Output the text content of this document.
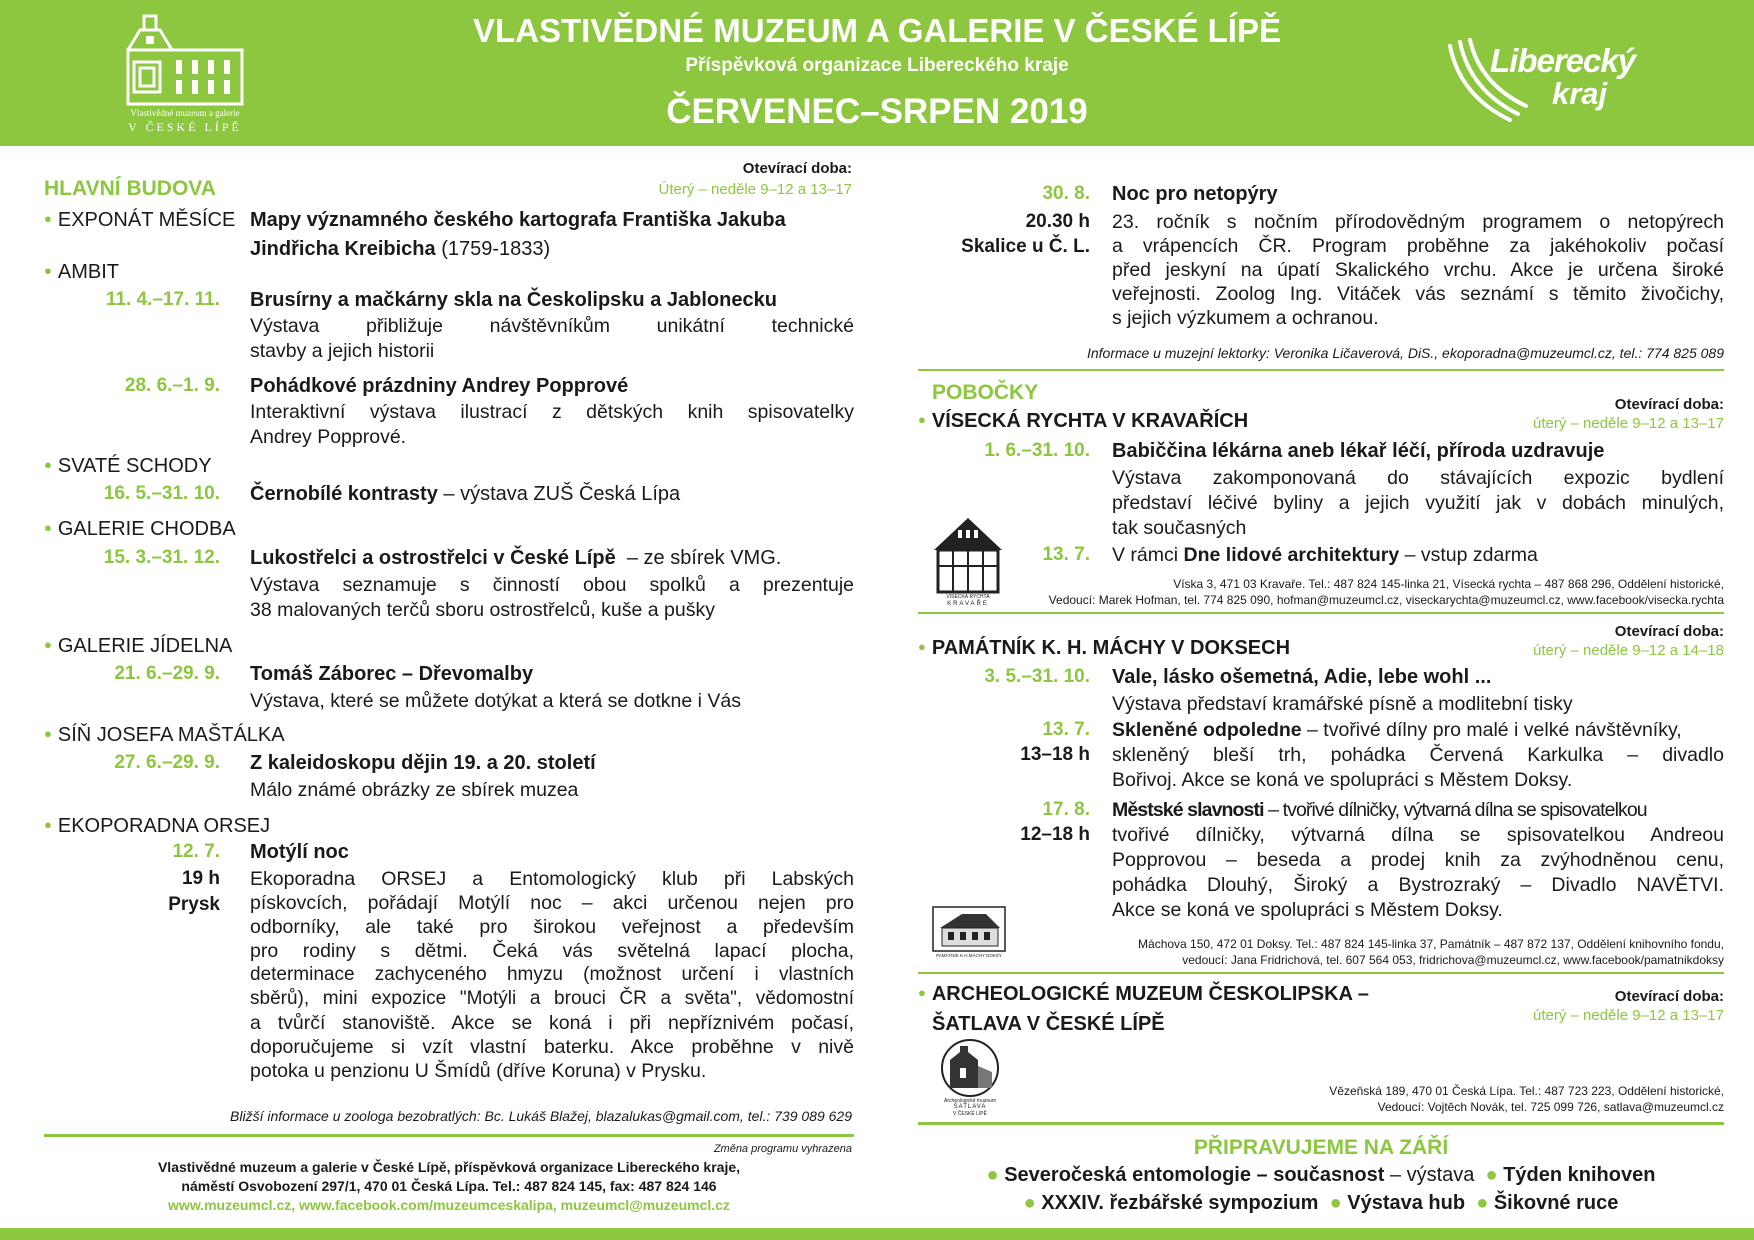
Vlastivědné muzeum a galerie
V ČESKÉ LÍPĚ
VLASTIVĚDNÉ MUZEUM A GALERIE V ČESKÉ LÍPĚ
Příspěvková organizace Libereckého kraje
ČERVENEC–SRPEN 2019
Liberecký
kraj
Otevírací doba:
HLAVNÍ BUDOVA	Úterý – neděle 9–12 a 13–17
● EXPONÁT MĚSÍCE Mapy významného českého kartografa Františka Jakuba
Jindřicha Kreibicha (1759-1833)
● AMBIT
11. 4.–17. 11. Brusírny a mačkárny skla na Českolipsku a Jablonecku
Výstava přibližuje návštěvníkům unikátní technické
stavby a jejich historii
28. 6.–1. 9. Pohádkové prázdniny Andrey Popprové
Interaktivní výstava ilustrací z dětských knih spisovatelky
Andrey Popprové.
● SVATÉ SCHODY
16. 5.–31. 10. Černobílé kontrasty – výstava ZUŠ Česká Lípa
● GALERIE CHODBA
15. 3.–31. 12. Lukostřelci a ostrostřelci v České Lípě – ze sbírek VMG.
Výstava seznamuje s činností obou spolků a prezentuje
38 malovaných terčů sboru ostrostřelců, kuše a pušky
● GALERIE JÍDELNA
21. 6.–29. 9. Tomáš Záborec – Dřevomalby
Výstava, které se můžete dotýkat a která se dotkne i Vás
● SÍŇ JOSEFA MAŠTÁLKA
27. 6.–29. 9. Z kaleidoskopu dějin 19. a 20. století
Málo známé obrázky ze sbírek muzea
● EKOPORADNA ORSEJ
12. 7. Motýlí noc
19 h
Prysk
Ekoporadna ORSEJ a Entomologický klub při Labských
pískovcích, pořádají Motýlí noc – akci určenou nejen pro
odborníky, ale také pro širokou veřejnost a především
pro rodiny s dětmi. Čeká vás světelná lapací plocha,
determinace zachyceného hmyzu (možnost určení i vlastních
sběrů), mini expozice "Motýli a brouci ČR a světa", vědomostní
a tvůrčí stanoviště. Akce se koná i při nepříznivém počasí,
doporučujeme si vzít vlastní baterku. Akce proběhne v nivě
potoka u penzionu U Šmídů (dříve Koruna) v Prysku.
Bližší informace u zoologa bezobratlých: Bc. Lukáš Blažej, blazalukas@gmail.com, tel.: 739 089 629
Změna programu vyhrazena
Vlastivědné muzeum a galerie v České Lípě, příspěvková organizace Libereckého kraje,
náměstí Osvobození 297/1, 470 01 Česká Lípa. Tel.: 487 824 145, fax: 487 824 146
www.muzeumcl.cz, www.facebook.com/muzeumceskalipa, muzeumcl@muzeumcl.cz
30. 8. Noc pro netopýry
20.30 h
Skalice u Č. L.
23. ročník s nočním přírodovědným programem o netopýrech
a vrápencích ČR. Program proběhne za jakéhokoliv počasí
před jeskyní na úpatí Skalického vrchu. Akce je určena široké
veřejnosti. Zoolog Ing. Vitáček vás seznámí s těmito živočichy,
s jejich výzkumem a ochranou.
Informace u muzejní lektorky: Veronika Ličaverová, DiS., ekoporadna@muzeumcl.cz, tel.: 774 825 089
POBOČKY
Otevírací doba:
● VÍSECKÁ RYCHTA V KRAVAŘÍCH	úterý – neděle 9–12 a 13–17
1. 6.–31. 10. Babiččina lékárna aneb lékař léčí, příroda uzdravuje
Výstava zakomponovaná do stávajících expozic bydlení
představí léčivé byliny a jejich využití jak v dobách minulých,
tak současných
13. 7. V rámci Dne lidové architektury – vstup zdarma
VÍSECKÁ RYCHTA
KRAVAŘE
Víska 3, 471 03 Kravaře. Tel.: 487 824 145-linka 21, Vísecká rychta – 487 868 296, Oddělení historické,
Vedoucí: Marek Hofman, tel. 774 825 090, hofman@muzeumcl.cz, viseckarychta@muzeumcl.cz, www.facebook/visecka.rychta
Otevírací doba:
● PAMÁTNÍK K. H. MÁCHY V DOKSECH	úterý – neděle 9–12 a 14–18
3. 5.–31. 10. Vale, lásko ošemetná, Adie, lebe wohl ...
Výstava představí kramářské písně a modlitební tisky
13. 7.
13–18 h
Skleněné odpoledne – tvořivé dílny pro malé i velké návštěvníky,
skleněný bleší trh, pohádka Červená Karkulka – divadlo
Bořivoj. Akce se koná ve spolupráci s Městem Doksy.
17. 8.
12–18 h
Městské slavnosti – tvořivé dílničky, výtvarná dílna se spisovatelkou
tvořivé dílničky, výtvarná dílna se spisovatelkou Andreou
Popprovou – beseda a prodej knih za zvýhodněnou cenu,
pohádka Dlouhý, Široký a Bystrozraký – Divadlo NAVĚTVI.
Akce se koná ve spolupráci s Městem Doksy.
PAMÁTNÍK K.H.MÁCHY DOKSY
Máchova 150, 472 01 Doksy. Tel.: 487 824 145-linka 37, Památník – 487 872 137, Oddělení knihovního fondu,
vedoucí: Jana Fridrichová, tel. 607 564 053, fridrichova@muzeumcl.cz, www.facebook/pamatnikdoksy
● ARCHEOLOGICKÉ MUZEUM ČESKOLIPSKA –
ŠATLAVA V ČESKÉ LÍPĚ
Otevírací doba:
úterý – neděle 9–12 a 13–17
Archeologické muzeum
ŠATLAVA
V ČESKÉ LÍPĚ
Vězeňská 189, 470 01 Česká Lípa. Tel.: 487 723 223, Oddělení historické,
Vedoucí: Vojtěch Novák, tel. 725 099 726, satlava@muzeumcl.cz
PŘIPRAVUJEME NA ZÁŘÍ
● Severočeská entomologie – současnost – výstava ● Týden knihoven
● XXXIV. řezbářské sympozium ● Výstava hub ● Šikovné ruce
